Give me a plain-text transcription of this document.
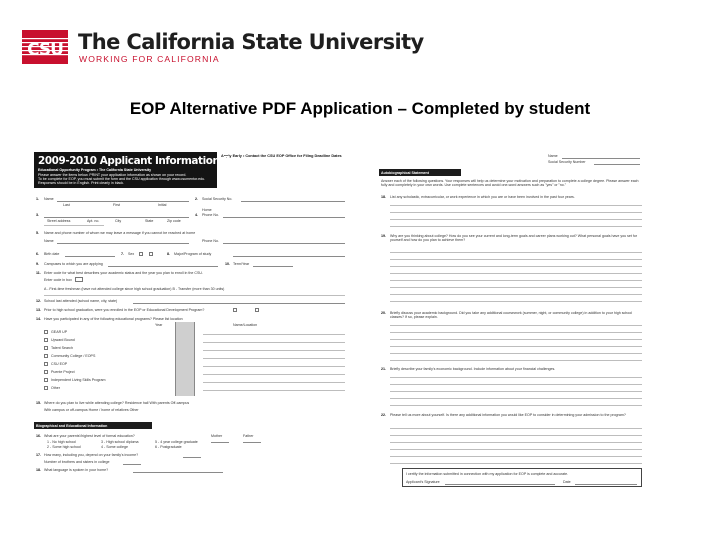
CSU The California State University
WORKING FOR CALIFORNIA
EOP Alternative PDF Application – Completed by student
Apply Early • Contact the CSU EOP Office for Filing Deadline Dates
2009-2010 Applicant Information Form
Educational Opportunity Program • The California State University
Please answer the items below. PRINT your application information as shown on your record.
To be complete for EOP, you must submit the form and the CSU application through www.csumentor.edu.
Responses should be in English. Print clearly in black.
1. Name
Last	First	Initial
2. Social Security No.
3.
Street address	Apt. no.	City	State	Zip code
4. Phone No.
Home
5. Name and phone number of whom we may leave a message if you cannot be reached at home
Name	Phone No.
6. Birth date	7. Sex	8. Major/Program of study
9. Campuses to which you are applying	10. Term/Year
11. Enter code for what best describes your academic status and the year you plan to enroll in the CSU.
Enter code in box
A - First-time freshman (have not attended college since high school graduation) B - Transfer (more than 30 units)
12. School last attended (school name, city, state)
13. Prior to high school graduation, were you enrolled in the EOP or Educational Development Program?
14. Have you participated in any of the following educational programs? Please list location
Year	Name/Location
GEAR UP
Upward Bound
Talent Search
Community College / EOPS
CSU EOP
Puente Project
Independent Living Skills Program
Other
15. Where do you plan to live while attending college? Residence hall With parents Off-campus
With campus or off-campus Home / home of relatives Other
Biographical and Educational Information
16. What are your parents'/highest level of formal education?	Mother	Father
1 - No high school
2 - Some high school
3 - High school diploma
4 - Some college
5 - 4 year college graduate
6 - Postgraduate
17. How many, including you, depend on your family's income?
Number of brothers and sisters in college
18. What language is spoken in your home?
Name
Social Security Number
Autobiographical Statement
Answer each of the following questions. Your responses will help us determine your motivation and preparation to complete a college degree. Please answer each fully and completely in your own words. Use complete sentences and avoid one-word answers such as "yes" or "no."
18. List any scholastic, extracurricular, or work experience in which you are or have been involved in the past four years.
19. Why are you thinking about college? How do you see your current and long-term goals and career plans working out? What personal goals have you set for yourself and how do you plan to achieve them?
20. Briefly discuss your academic background. Did you take any additional coursework (summer, night, or community college) in addition to your high school classes? If so, please explain.
21. Briefly describe your family's economic background. Include information about your financial challenges.
22. Please tell us more about yourself. Is there any additional information you would like EOP to consider in determining your admission to the program?
I certify the information submitted in connection with my application for EOP is complete and accurate.
Applicant's Signature	Date
